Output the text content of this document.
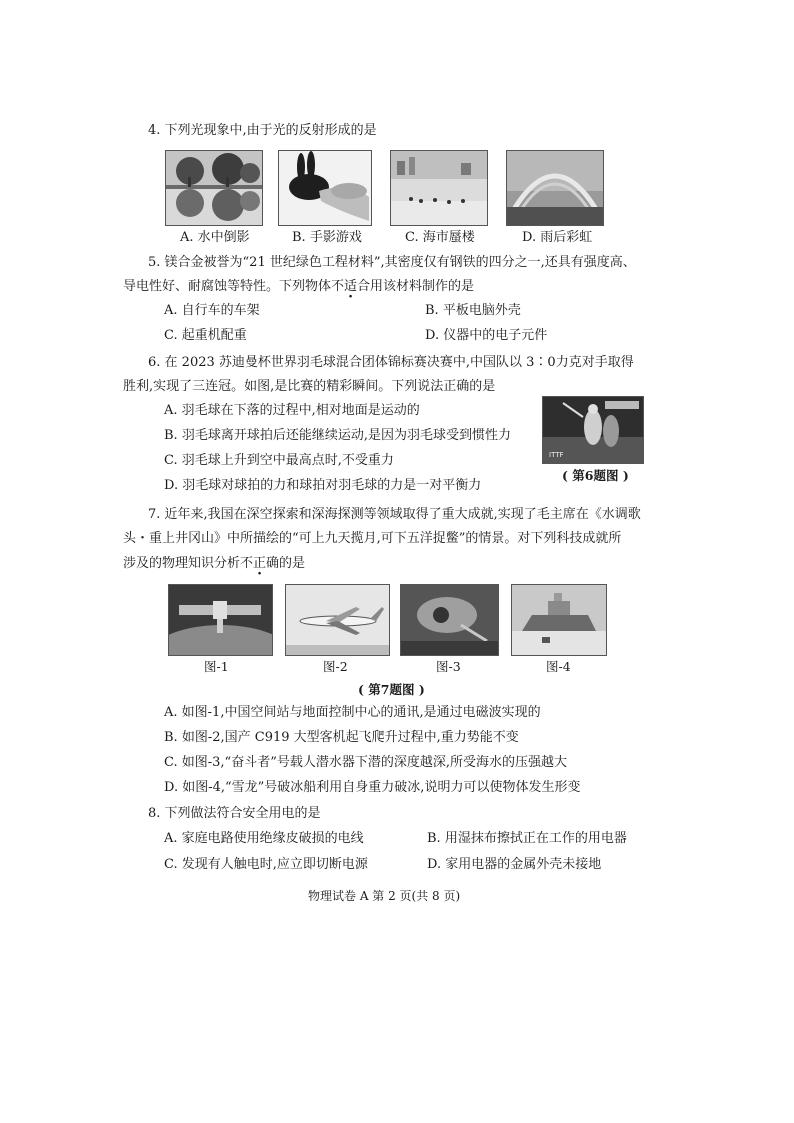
4. 下列光现象中,由于光的反射形成的是
A. 水中倒影	B. 手影游戏	C. 海市蜃楼	D. 雨后彩虹
5. 镁合金被誉为“21 世纪绿色工程材料”,其密度仅有钢铁的四分之一,还具有强度高、
导电性好、耐腐蚀等特性。下列物体不适合用该材料制作的是
A. 自行车的车架	B. 平板电脑外壳
C. 起重机配重	D. 仪器中的电子元件
6. 在 2023 苏迪曼杯世界羽毛球混合团体锦标赛决赛中,中国队以 3∶0力克对手取得
胜利,实现了三连冠。如图,是比赛的精彩瞬间。下列说法正确的是
A. 羽毛球在下落的过程中,相对地面是运动的
B. 羽毛球离开球拍后还能继续运动,是因为羽毛球受到惯性力
C. 羽毛球上升到空中最高点时,不受重力
D. 羽毛球对球拍的力和球拍对羽毛球的力是一对平衡力
ITTF
( 第6题图 )
7. 近年来,我国在深空探索和深海探测等领域取得了重大成就,实现了毛主席在《水调歌
头・重上井冈山》中所描绘的“可上九天揽月,可下五洋捉鳖”的情景。对下列科技成就所
涉及的物理知识分析不正确的是
图-1	图-2	图-3	图-4
( 第7题图 )
A. 如图-1,中国空间站与地面控制中心的通讯,是通过电磁波实现的
B. 如图-2,国产 C919 大型客机起飞爬升过程中,重力势能不变
C. 如图-3,“奋斗者”号载人潜水器下潜的深度越深,所受海水的压强越大
D. 如图-4,“雪龙”号破冰船利用自身重力破冰,说明力可以使物体发生形变
8. 下列做法符合安全用电的是
A. 家庭电路使用绝缘皮破损的电线	B. 用湿抹布擦拭正在工作的用电器
C. 发现有人触电时,应立即切断电源	D. 家用电器的金属外壳未接地
物理试卷 A 第 2 页(共 8 页)
